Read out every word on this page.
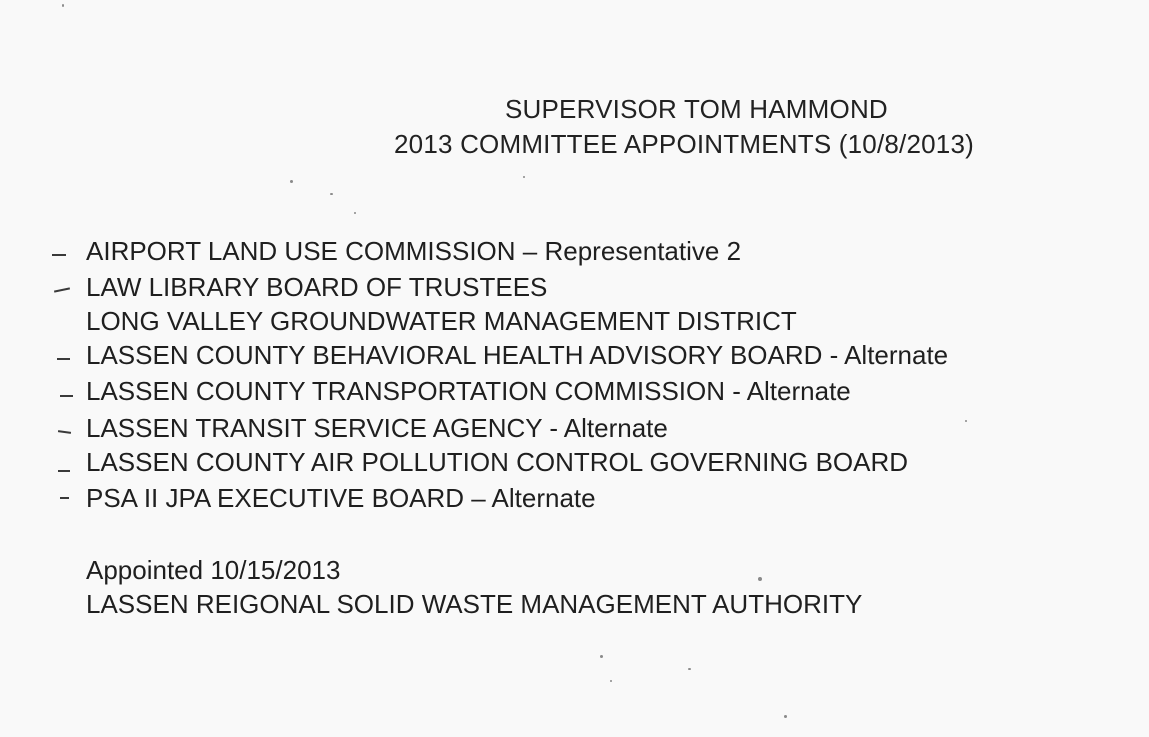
SUPERVISOR TOM HAMMOND
2013 COMMITTEE APPOINTMENTS (10/8/2013)
AIRPORT LAND USE COMMISSION – Representative 2
LAW LIBRARY BOARD OF TRUSTEES
LONG VALLEY GROUNDWATER MANAGEMENT DISTRICT
LASSEN COUNTY BEHAVIORAL HEALTH ADVISORY BOARD - Alternate
LASSEN COUNTY TRANSPORTATION COMMISSION - Alternate
LASSEN TRANSIT SERVICE AGENCY - Alternate
LASSEN COUNTY AIR POLLUTION CONTROL GOVERNING BOARD
PSA II JPA EXECUTIVE BOARD – Alternate
Appointed 10/15/2013
LASSEN REIGONAL SOLID WASTE MANAGEMENT AUTHORITY
